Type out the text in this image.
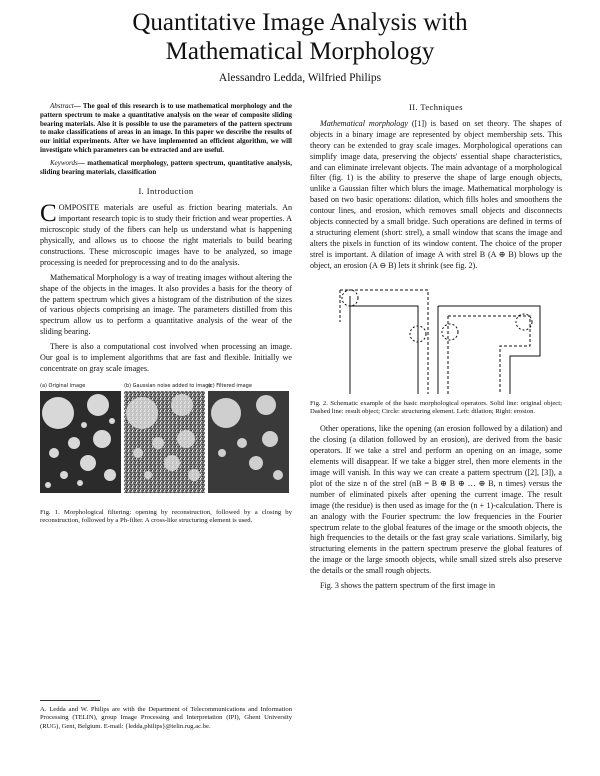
Quantitative Image Analysis with
Mathematical Morphology
Alessandro Ledda, Wilfried Philips

Abstract— The goal of this research is to use mathematical morphology and the pattern spectrum to make a quantitative analysis on the wear of composite sliding bearing materials. Also it is possible to use the parameters of the pattern spectrum to make classifications of areas in an image. In this paper we describe the results of our initial experiments. After we have implemented an efficient algorithm, we will investigate which parameters can be extracted and are useful.

Keywords— mathematical morphology, pattern spectrum, quantitative analysis, sliding bearing materials, classification

I. Introduction

COMPOSITE materials are useful as friction bearing materials. An important research topic is to study their friction and wear properties. A microscopic study of the fibers can help us understand what is happening physically, and allows us to choose the right materials to build bearing constructions. These microscopic images have to be analyzed, so image processing is needed for preprocessing and to do the analysis.

Mathematical Morphology is a way of treating images without altering the shape of the objects in the images. It also provides a basis for the theory of the pattern spectrum which gives a histogram of the distribution of the sizes of various objects comprising an image. The parameters distilled from this spectrum allow us to perform a quantitative analysis of the wear of the sliding bearing.

There is also a computational cost involved when processing an image. Our goal is to implement algorithms that are fast and flexible. Initially we concentrate on gray scale images.

(a) Original image	(b) Gaussian noise added to image
(c) Filtered image
Fig. 1. Morphological filtering: opening by reconstruction, followed by a closing by reconstruction, followed by a Ph-filter. A cross-like structuring element is used.
A. Ledda and W. Philips are with the Department of Telecommunications and Information Processing (TELIN), group Image Processing and Interpretation (IPI), Ghent University (RUG), Gent, Belgium. E-mail: {ledda,philips}@telin.rug.ac.be.
II. Techniques

Mathematical morphology ([1]) is based on set theory. The shapes of objects in a binary image are represented by object membership sets. This theory can be extended to gray scale images. Morphological operations can simplify image data, preserving the objects' essential shape characteristics, and can eliminate irrelevant objects. The main advantage of a morphological filter (fig. 1) is the ability to preserve the shape of large enough objects, unlike a Gaussian filter which blurs the image. Mathematical morphology is based on two basic operations: dilation, which fills holes and smoothens the contour lines, and erosion, which removes small objects and disconnects objects connected by a small bridge. Such operations are defined in terms of a structuring element (short: strel), a small window that scans the image and alters the pixels in function of its window content. The choice of the proper strel is important. A dilation of image A with strel B (A ⊕ B) blows up the object, an erosion (A ⊖ B) lets it shrink (see fig. 2).

Fig. 2. Schematic example of the basic morphological operators. Solid line: original object; Dashed line: result object; Circle: structuring element. Left: dilation; Right: erosion.

Other operations, like the opening (an erosion followed by a dilation) and the closing (a dilation followed by an erosion), are derived from the basic operators. If we take a strel and perform an opening on an image, some elements will disappear. If we take a bigger strel, then more elements in the image will vanish. In this way we can create a pattern spectrum ([2], [3]), a plot of the size n of the strel (nB = B ⊕ B ⊕ … ⊕ B, n times) versus the number of eliminated pixels after opening the current image. The result image (the residue) is then used as image for the (n + 1)-calculation. There is an analogy with the Fourier spectrum: the low frequencies in the Fourier spectrum relate to the global features of the image or the smooth objects, the high frequencies to the details or the fast gray scale variations. Similarly, big structuring elements in the pattern spectrum preserve the global features of the image or the large smooth objects, while small sized strels also preserve the details or the small rough objects.

Fig. 3 shows the pattern spectrum of the first image in
